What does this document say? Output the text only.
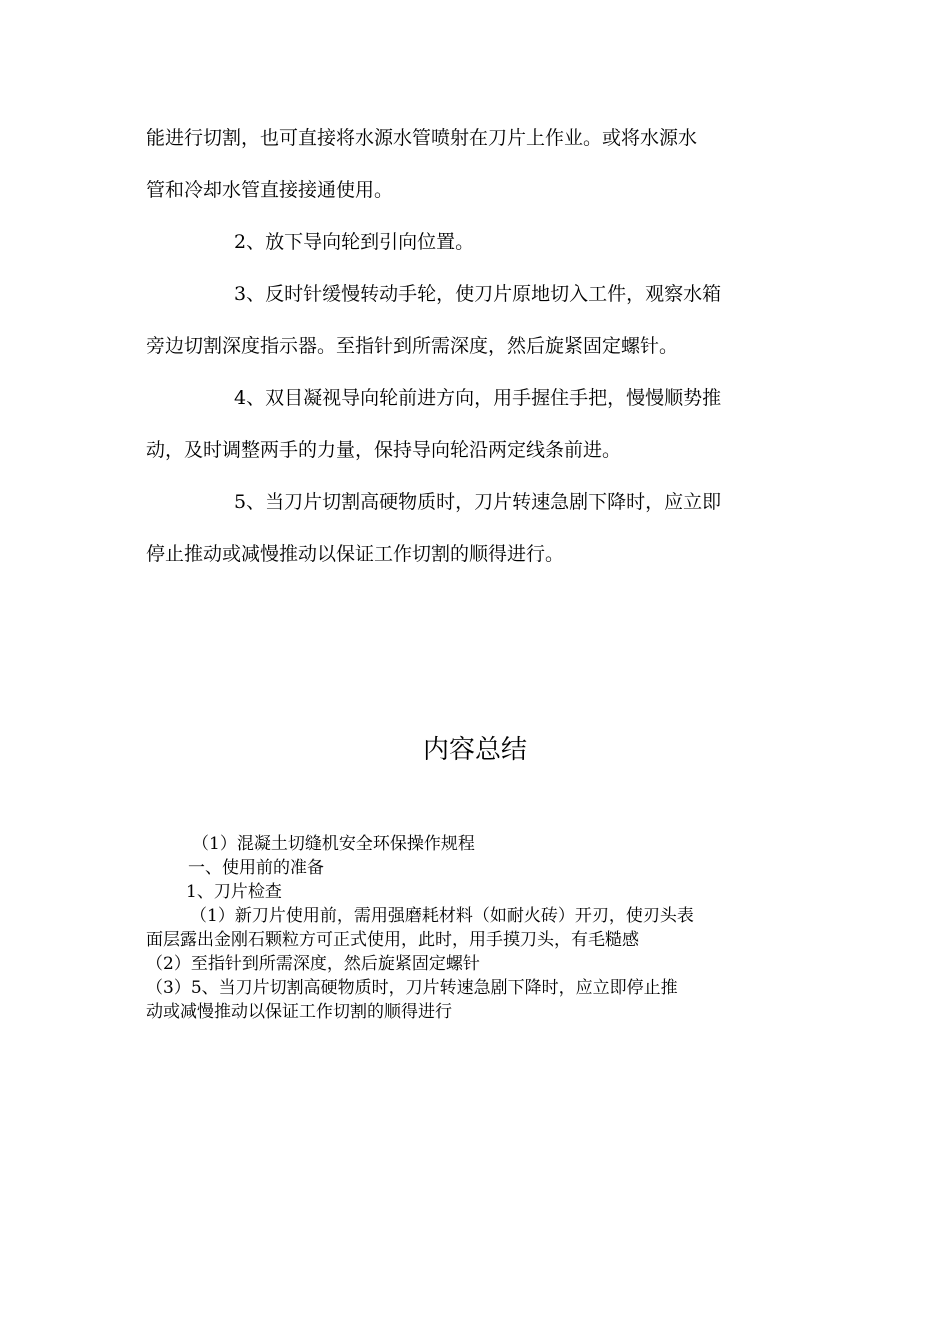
能进行切割，也可直接将水源水管喷射在刀片上作业。或将水源水
管和冷却水管直接接通使用。
2、放下导向轮到引向位置。
3、反时针缓慢转动手轮，使刀片原地切入工件，观察水箱
旁边切割深度指示器。至指针到所需深度，然后旋紧固定螺针。
4、双目凝视导向轮前进方向，用手握住手把，慢慢顺势推
动，及时调整两手的力量，保持导向轮沿两定线条前进。
5、当刀片切割高硬物质时，刀片转速急剧下降时，应立即
停止推动或减慢推动以保证工作切割的顺得进行。
内容总结
（1）混凝土切缝机安全环保操作规程
一、使用前的准备
1、刀片检查
（1）新刀片使用前，需用强磨耗材料（如耐火砖）开刃，使刃头表
面层露出金刚石颗粒方可正式使用，此时，用手摸刀头，有毛糙感
（2）至指针到所需深度，然后旋紧固定螺针
（3）5、当刀片切割高硬物质时，刀片转速急剧下降时，应立即停止推
动或减慢推动以保证工作切割的顺得进行
